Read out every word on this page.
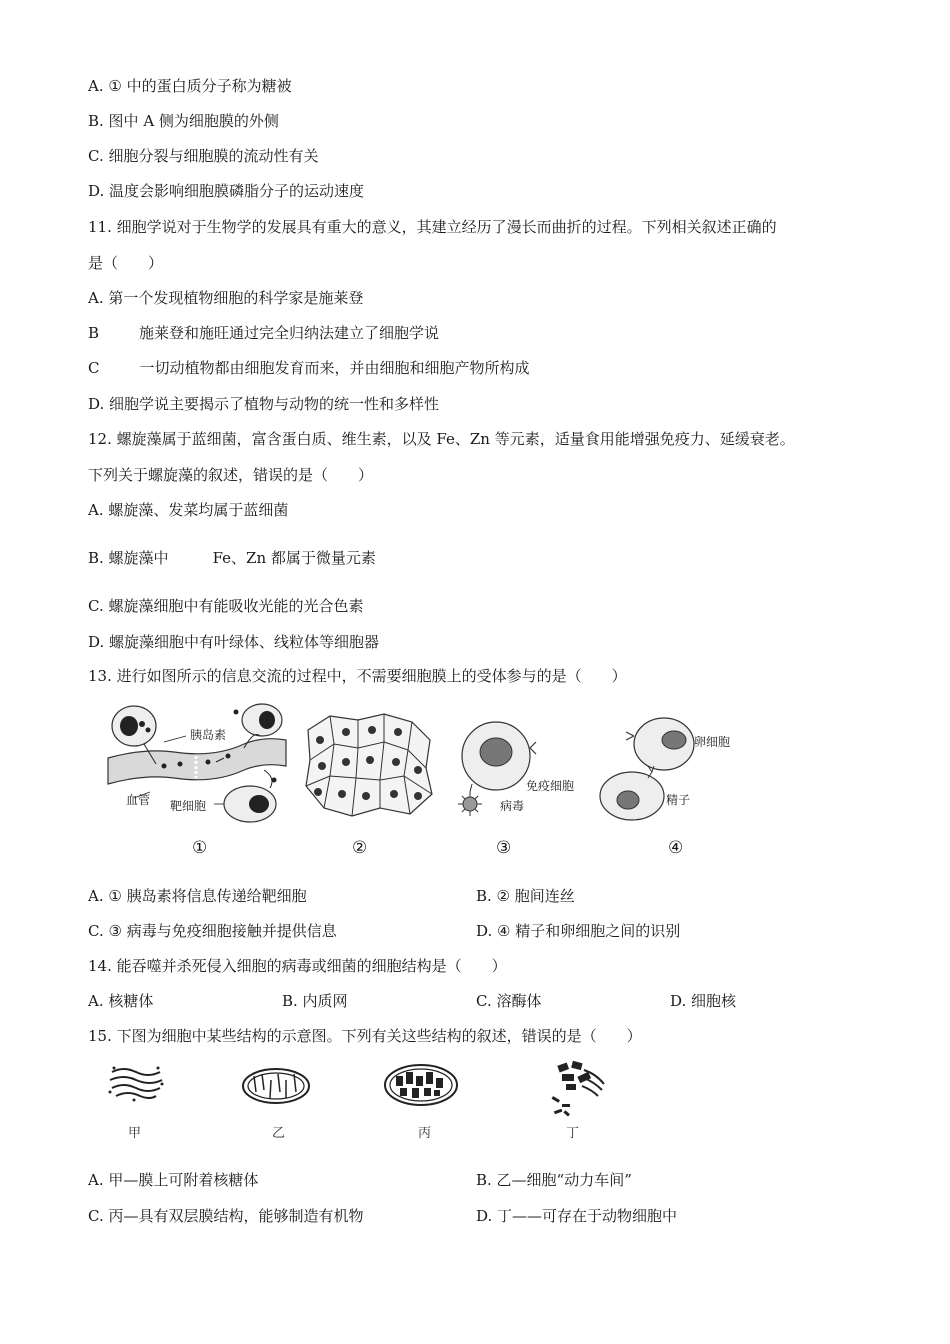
A. ① 中的蛋白质分子称为糖被
B. 图中 A 侧为细胞膜的外侧
C. 细胞分裂与细胞膜的流动性有关
D. 温度会影响细胞膜磷脂分子的运动速度
11. 细胞学说对于生物学的发展具有重大的意义，其建立经历了漫长而曲折的过程。下列相关叙述正确的
是（　　）
A. 第一个发现植物细胞的科学家是施莱登
B	施莱登和施旺通过完全归纳法建立了细胞学说
C	一切动植物都由细胞发育而来，并由细胞和细胞产物所构成
D. 细胞学说主要揭示了植物与动物的统一性和多样性
12. 螺旋藻属于蓝细菌，富含蛋白质、维生素，以及 Fe、Zn 等元素，适量食用能增强免疫力、延缓衰老。
下列关于螺旋藻的叙述，错误的是（　　）
A. 螺旋藻、发菜均属于蓝细菌
B. 螺旋藻中	Fe、Zn 都属于微量元素
C. 螺旋藻细胞中有能吸收光能的光合色素
D. 螺旋藻细胞中有叶绿体、线粒体等细胞器
13. 进行如图所示的信息交流的过程中，不需要细胞膜上的受体参与的是（　　）
胰岛素
血管 靶细胞
免疫细胞
病毒
卵细胞
精子
①	②	③	④
A. ① 胰岛素将信息传递给靶细胞	B. ② 胞间连丝
C. ③ 病毒与免疫细胞接触并提供信息	D. ④ 精子和卵细胞之间的识别
14. 能吞噬并杀死侵入细胞的病毒或细菌的细胞结构是（　　）
A. 核糖体	B. 内质网	C. 溶酶体	D. 细胞核
15. 下图为细胞中某些结构的示意图。下列有关这些结构的叙述，错误的是（　　）
甲	乙	丙	丁
A. 甲—膜上可附着核糖体	B. 乙—细胞“动力车间”
C. 丙—具有双层膜结构，能够制造有机物	D. 丁——可存在于动物细胞中
